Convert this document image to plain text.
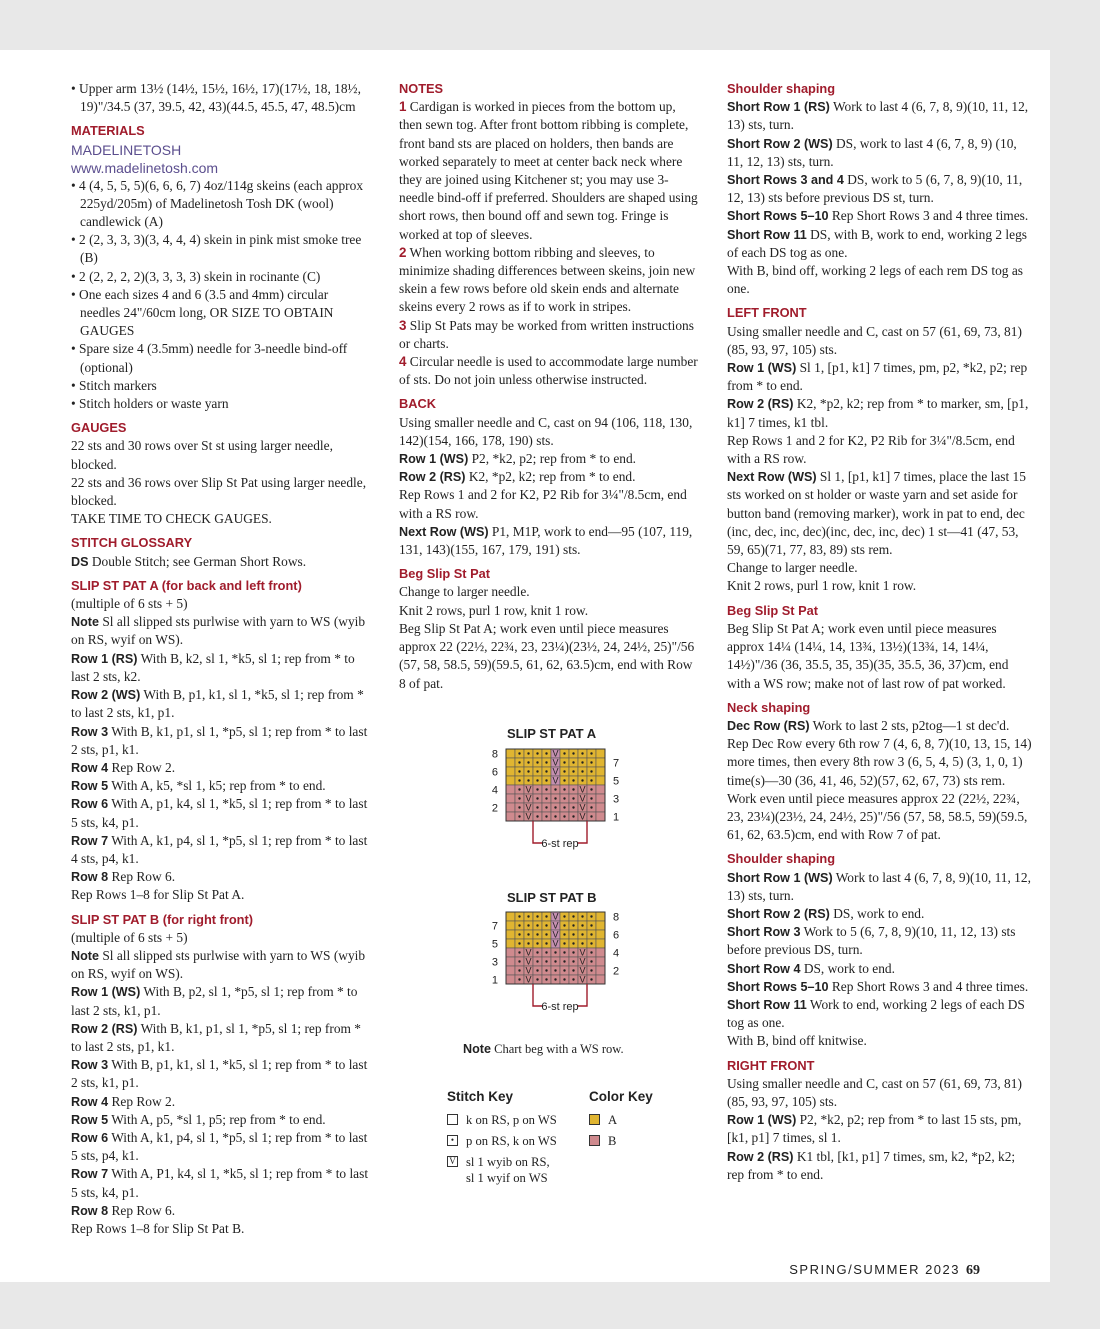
• Upper arm 13½ (14½, 15½, 16½, 17)(17½, 18, 18½, 19)"/34.5 (37, 39.5, 42, 43)(44.5, 45.5, 47, 48.5)cm

MATERIALS
MADELINETOSH
www.madelinetosh.com

• 4 (4, 5, 5, 5)(6, 6, 6, 7) 4oz/114g skeins (each approx 225yd/205m) of Madelinetosh Tosh DK (wool) candlewick (A)

• 2 (2, 3, 3, 3)(3, 4, 4, 4) skein in pink mist smoke tree (B)

• 2 (2, 2, 2, 2)(3, 3, 3, 3) skein in rocinante (C)

• One each sizes 4 and 6 (3.5 and 4mm) circular needles 24"/60cm long, OR SIZE TO OBTAIN GAUGES

• Spare size 4 (3.5mm) needle for 3-needle bind-off (optional)

• Stitch markers

• Stitch holders or waste yarn

GAUGES

22 sts and 30 rows over St st using larger needle, blocked.

22 sts and 36 rows over Slip St Pat using larger needle, blocked.

TAKE TIME TO CHECK GAUGES.

STITCH GLOSSARY

DS Double Stitch; see German Short Rows.

SLIP ST PAT A (for back and left front)

(multiple of 6 sts + 5)

Note Sl all slipped sts purlwise with yarn to WS (wyib on RS, wyif on WS).

Row 1 (RS) With B, k2, sl 1, *k5, sl 1; rep from * to last 2 sts, k2.

Row 2 (WS) With B, p1, k1, sl 1, *k5, sl 1; rep from * to last 2 sts, k1, p1.

Row 3 With B, k1, p1, sl 1, *p5, sl 1; rep from * to last 2 sts, p1, k1.

Row 4 Rep Row 2.

Row 5 With A, k5, *sl 1, k5; rep from * to end.

Row 6 With A, p1, k4, sl 1, *k5, sl 1; rep from * to last 5 sts, k4, p1.

Row 7 With A, k1, p4, sl 1, *p5, sl 1; rep from * to last 4 sts, p4, k1.

Row 8 Rep Row 6.

Rep Rows 1–8 for Slip St Pat A.

SLIP ST PAT B (for right front)

(multiple of 6 sts + 5)

Note Sl all slipped sts purlwise with yarn to WS (wyib on RS, wyif on WS).

Row 1 (WS) With B, p2, sl 1, *p5, sl 1; rep from * to last 2 sts, k1, p1.

Row 2 (RS) With B, k1, p1, sl 1, *p5, sl 1; rep from * to last 2 sts, p1, k1.

Row 3 With B, p1, k1, sl 1, *k5, sl 1; rep from * to last 2 sts, k1, p1.

Row 4 Rep Row 2.

Row 5 With A, p5, *sl 1, p5; rep from * to end.

Row 6 With A, k1, p4, sl 1, *p5, sl 1; rep from * to last 5 sts, p4, k1.

Row 7 With A, P1, k4, sl 1, *k5, sl 1; rep from * to last 5 sts, k4, p1.

Row 8 Rep Row 6.

Rep Rows 1–8 for Slip St Pat B.

NOTES

1 Cardigan is worked in pieces from the bottom up, then sewn tog. After front bottom ribbing is complete, front band sts are placed on holders, then bands are worked separately to meet at center back neck where they are joined using Kitchener st; you may use 3-needle bind-off if preferred. Shoulders are shaped using short rows, then bound off and sewn tog. Fringe is worked at top of sleeves.

2 When working bottom ribbing and sleeves, to minimize shading differences between skeins, join new skein a few rows before old skein ends and alternate skeins every 2 rows as if to work in stripes.

3 Slip St Pats may be worked from written instructions or charts.

4 Circular needle is used to accommodate large number of sts. Do not join unless otherwise instructed.

BACK

Using smaller needle and C, cast on 94 (106, 118, 130, 142)(154, 166, 178, 190) sts.

Row 1 (WS) P2, *k2, p2; rep from * to end.

Row 2 (RS) K2, *p2, k2; rep from * to end.

Rep Rows 1 and 2 for K2, P2 Rib for 3¼"/8.5cm, end with a RS row.

Next Row (WS) P1, M1P, work to end—95 (107, 119, 131, 143)(155, 167, 179, 191) sts.

Beg Slip St Pat

Change to larger needle.

Knit 2 rows, purl 1 row, knit 1 row.

Beg Slip St Pat A; work even until piece measures approx 22 (22½, 22¾, 23, 23¼)(23½, 24, 24½, 25)"/56 (57, 58, 58.5, 59)(59.5, 61, 62, 63.5)cm, end with Row 8 of pat.

SLIP ST PAT A
V
V
V
V
V	V
V	V
V	V
V	V
8
6
4
2
7
5
3
1
6-st rep
SLIP ST PAT B
V
V
V
V
V	V
V	V
V	V
V	V
7
5
3
1
8
6
4
2
6-st rep
Note Chart beg with a WS row.
Stitch Key	Color Key
k on RS, p on WS
• p on RS, k on WS
V sl 1 wyib on RS,
sl 1 wyif on WS
A
B
Shoulder shaping

Short Row 1 (RS) Work to last 4 (6, 7, 8, 9)(10, 11, 12, 13) sts, turn.

Short Row 2 (WS) DS, work to last 4 (6, 7, 8, 9) (10, 11, 12, 13) sts, turn.

Short Rows 3 and 4 DS, work to 5 (6, 7, 8, 9)(10, 11, 12, 13) sts before previous DS st, turn.

Short Rows 5–10 Rep Short Rows 3 and 4 three times.

Short Row 11 DS, with B, work to end, working 2 legs of each DS tog as one.

With B, bind off, working 2 legs of each rem DS tog as one.

LEFT FRONT

Using smaller needle and C, cast on 57 (61, 69, 73, 81)(85, 93, 97, 105) sts.

Row 1 (WS) Sl 1, [p1, k1] 7 times, pm, p2, *k2, p2; rep from * to end.

Row 2 (RS) K2, *p2, k2; rep from * to marker, sm, [p1, k1] 7 times, k1 tbl.

Rep Rows 1 and 2 for K2, P2 Rib for 3¼"/8.5cm, end with a RS row.

Next Row (WS) Sl 1, [p1, k1] 7 times, place the last 15 sts worked on st holder or waste yarn and set aside for button band (removing marker), work in pat to end, dec (inc, dec, inc, dec)(inc, dec, inc, dec) 1 st—41 (47, 53, 59, 65)(71, 77, 83, 89) sts rem.

Change to larger needle.

Knit 2 rows, purl 1 row, knit 1 row.

Beg Slip St Pat

Beg Slip St Pat A; work even until piece measures approx 14¼ (14¼, 14, 13¾, 13½)(13¾, 14, 14¼, 14½)"/36 (36, 35.5, 35, 35)(35, 35.5, 36, 37)cm, end with a WS row; make not of last row of pat worked.

Neck shaping

Dec Row (RS) Work to last 2 sts, p2tog—1 st dec'd.

Rep Dec Row every 6th row 7 (4, 6, 8, 7)(10, 13, 15, 14) more times, then every 8th row 3 (6, 5, 4, 5) (3, 1, 0, 1) time(s)—30 (36, 41, 46, 52)(57, 62, 67, 73) sts rem.

Work even until piece measures approx 22 (22½, 22¾, 23, 23¼)(23½, 24, 24½, 25)"/56 (57, 58, 58.5, 59)(59.5, 61, 62, 63.5)cm, end with Row 7 of pat.

Shoulder shaping

Short Row 1 (WS) Work to last 4 (6, 7, 8, 9)(10, 11, 12, 13) sts, turn.

Short Row 2 (RS) DS, work to end.

Short Row 3 Work to 5 (6, 7, 8, 9)(10, 11, 12, 13) sts before previous DS, turn.

Short Row 4 DS, work to end.

Short Rows 5–10 Rep Short Rows 3 and 4 three times.

Short Row 11 Work to end, working 2 legs of each DS tog as one.

With B, bind off knitwise.

RIGHT FRONT

Using smaller needle and C, cast on 57 (61, 69, 73, 81)(85, 93, 97, 105) sts.

Row 1 (WS) P2, *k2, p2; rep from * to last 15 sts, pm, [k1, p1] 7 times, sl 1.

Row 2 (RS) K1 tbl, [k1, p1] 7 times, sm, k2, *p2, k2; rep from * to end.

SPRING/SUMMER 2023 69
